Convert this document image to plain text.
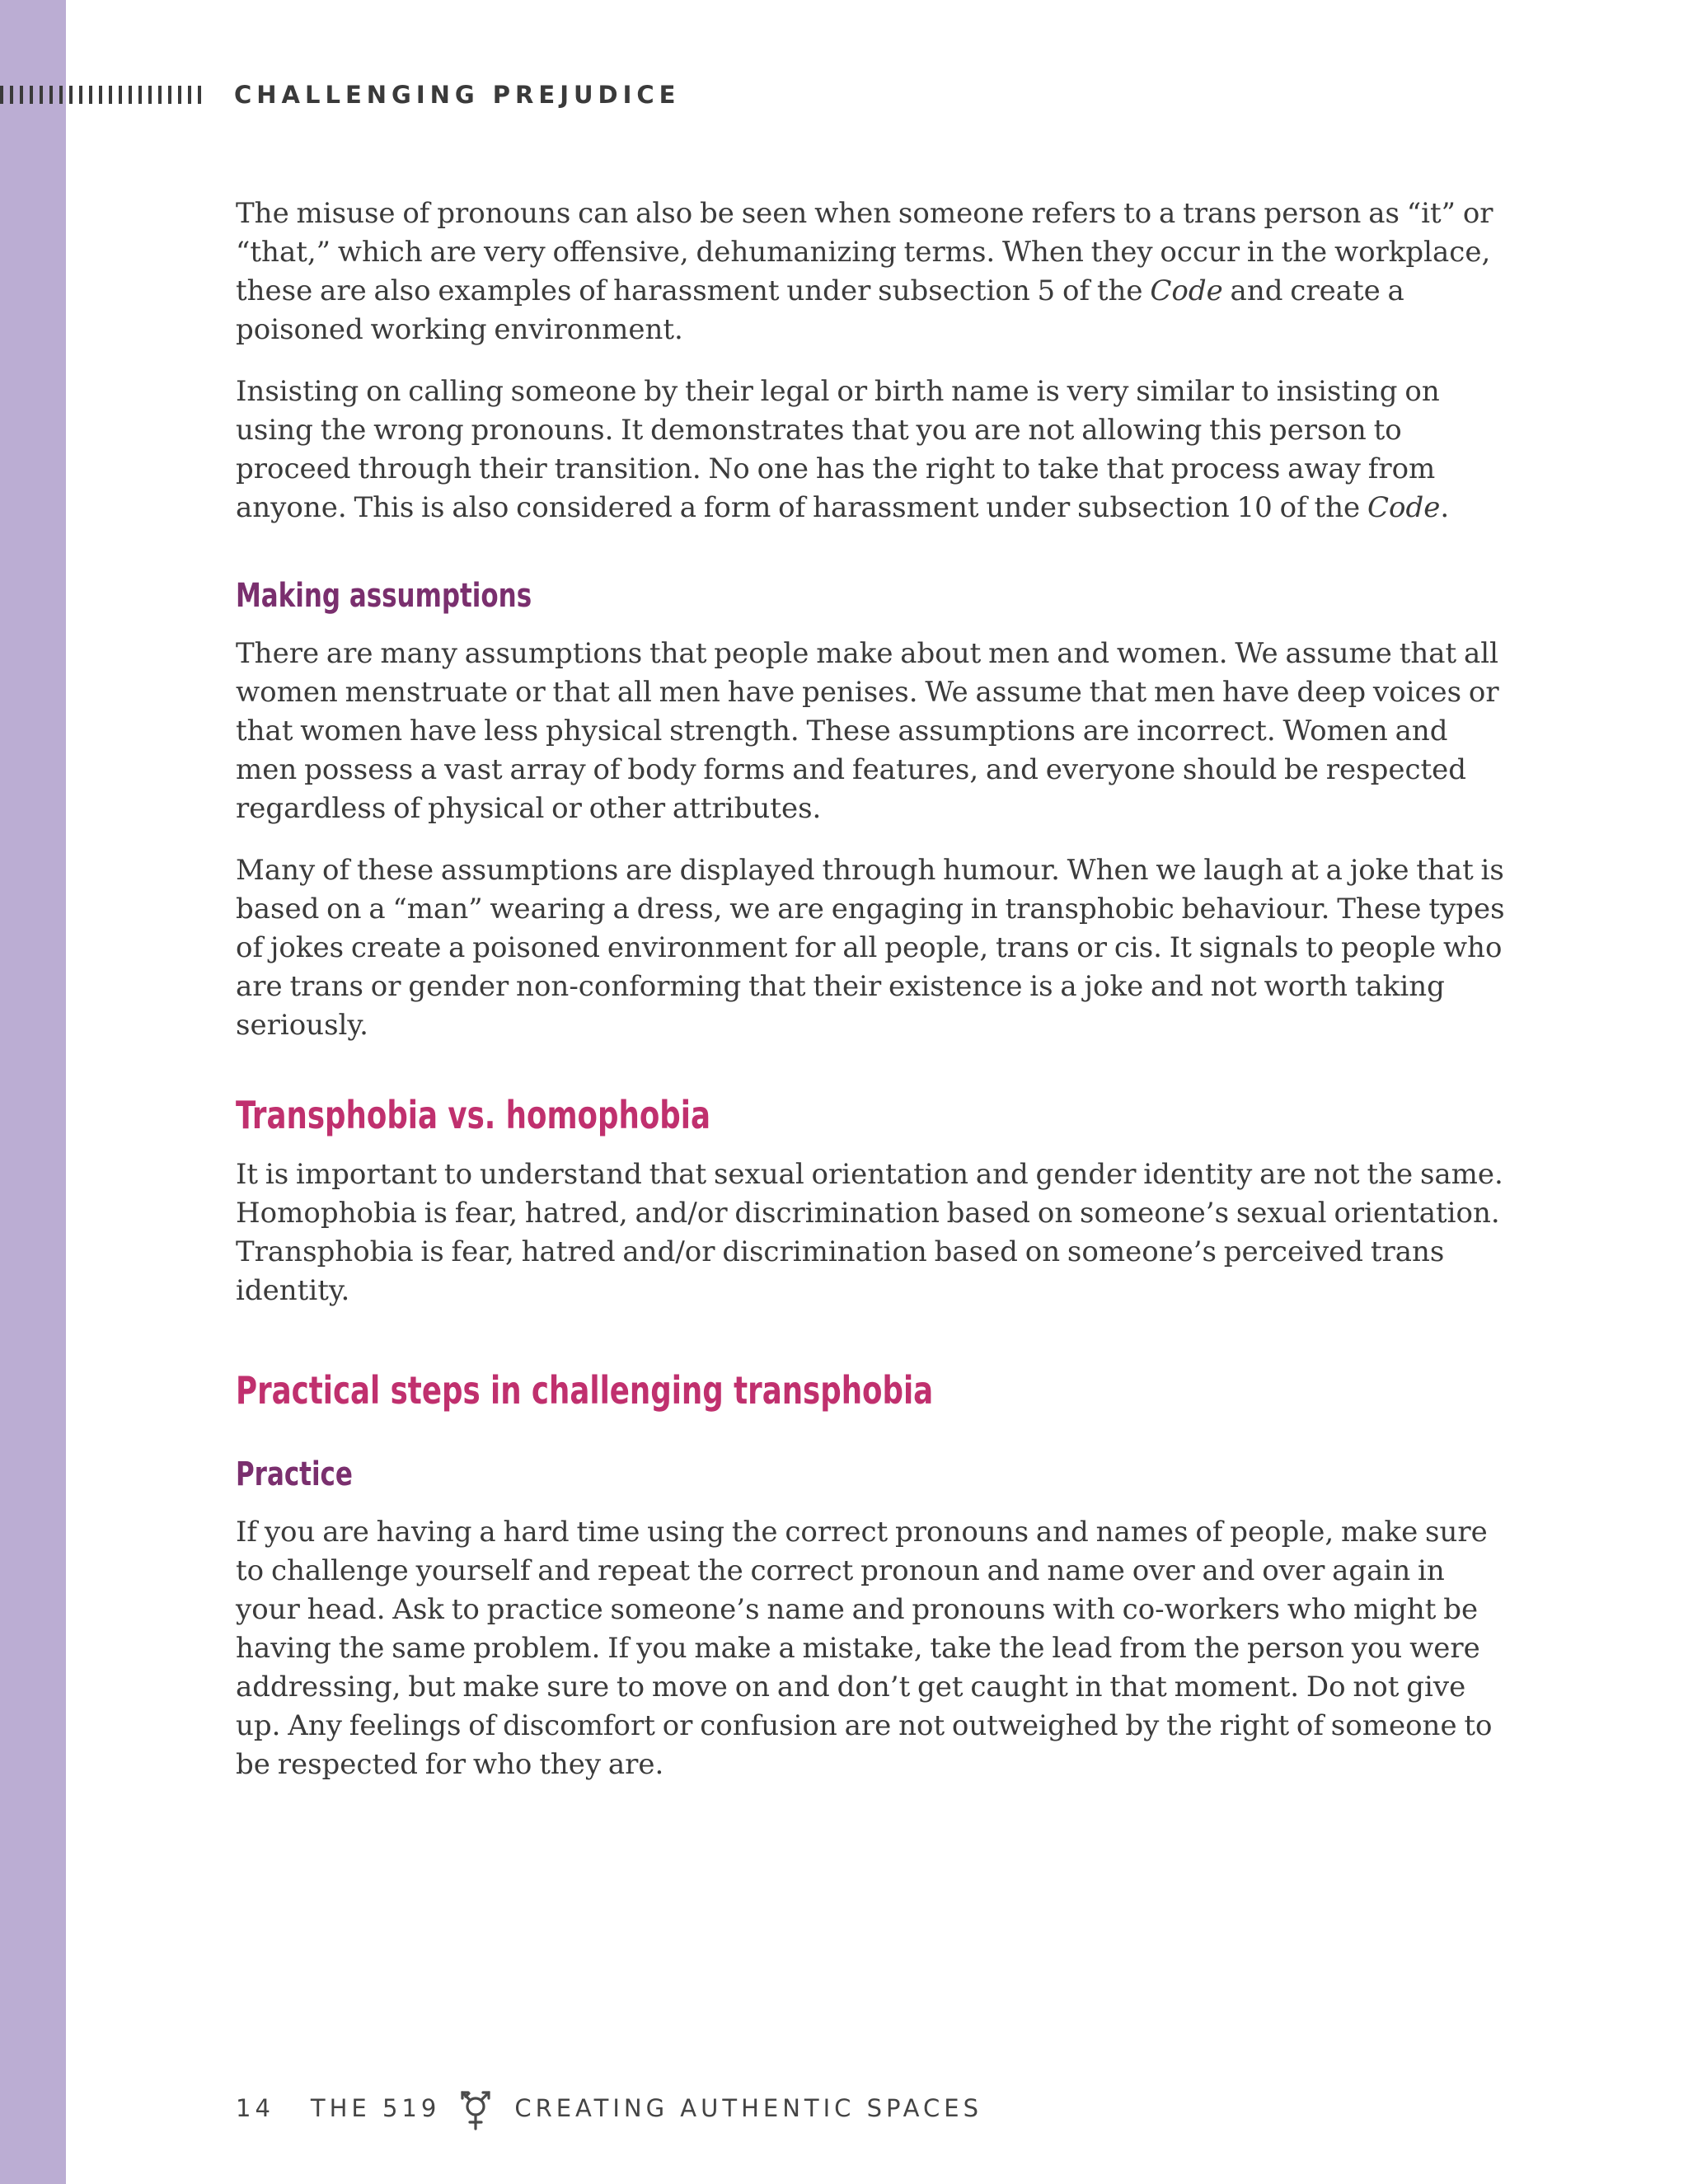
CHALLENGING PREJUDICE

The misuse of pronouns can also be seen when someone refers to a trans person as “it” or “that,” which are very offensive, dehumanizing terms. When they occur in the workplace, these are also examples of harassment under subsection 5 of the Code and create a poisoned working environment.

Insisting on calling someone by their legal or birth name is very similar to insisting on using the wrong pronouns. It demonstrates that you are not allowing this person to proceed through their transition. No one has the right to take that process away from anyone. This is also considered a form of harassment under subsection 10 of the Code.

Making assumptions

There are many assumptions that people make about men and women. We assume that all women menstruate or that all men have penises. We assume that men have deep voices or that women have less physical strength. These assumptions are incorrect. Women and men possess a vast array of body forms and features, and everyone should be respected regardless of physical or other attributes.

Many of these assumptions are displayed through humour. When we laugh at a joke that is based on a “man” wearing a dress, we are engaging in transphobic behaviour. These types of jokes create a poisoned environment for all people, trans or cis. It signals to people who are trans or gender non-conforming that their existence is a joke and not worth taking seriously.

Transphobia vs. homophobia

It is important to understand that sexual orientation and gender identity are not the same. Homophobia is fear, hatred, and/or discrimination based on someone’s sexual orientation. Transphobia is fear, hatred and/or discrimination based on someone’s perceived trans identity.

Practical steps in challenging transphobia
Practice

If you are having a hard time using the correct pronouns and names of people, make sure to challenge yourself and repeat the correct pronoun and name over and over again in your head. Ask to practice someone’s name and pronouns with co-workers who might be having the same problem. If you make a mistake, take the lead from the person you were addressing, but make sure to move on and don’t get caught in that moment. Do not give up. Any feelings of discomfort or confusion are not outweighed by the right of someone to be respected for who they are.

14 THE 519	CREATING AUTHENTIC SPACES
